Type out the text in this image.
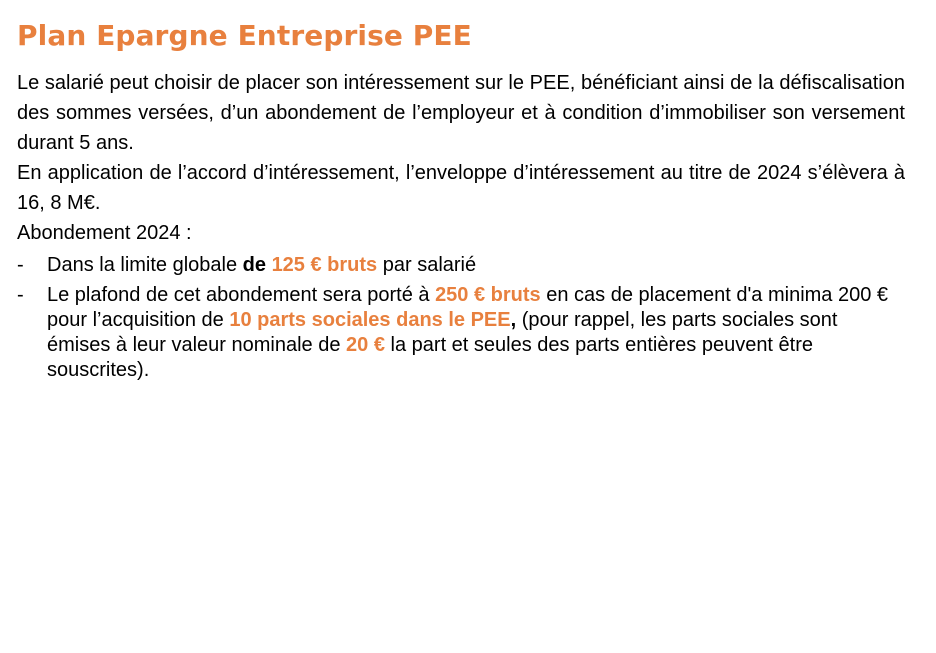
Plan Epargne Entreprise PEE

Le salarié peut choisir de placer son intéressement sur le PEE, bénéficiant ainsi de la défiscalisation des sommes versées, d’un abondement de l’employeur et à condition d’immobiliser son versement durant 5 ans.

En application de l’accord d’intéressement, l’enveloppe d’intéressement au titre de 2024 s’élèvera à 16, 8 M€.

Abondement 2024 :

- Dans la limite globale de 125 € bruts par salarié
- Le plafond de cet abondement sera porté à 250 € bruts en cas de placement d'a minima 200 € pour l’acquisition de 10 parts sociales dans le PEE, (pour rappel, les parts sociales sont émises à leur valeur nominale de 20 € la part et seules des parts entières peuvent être souscrites).
